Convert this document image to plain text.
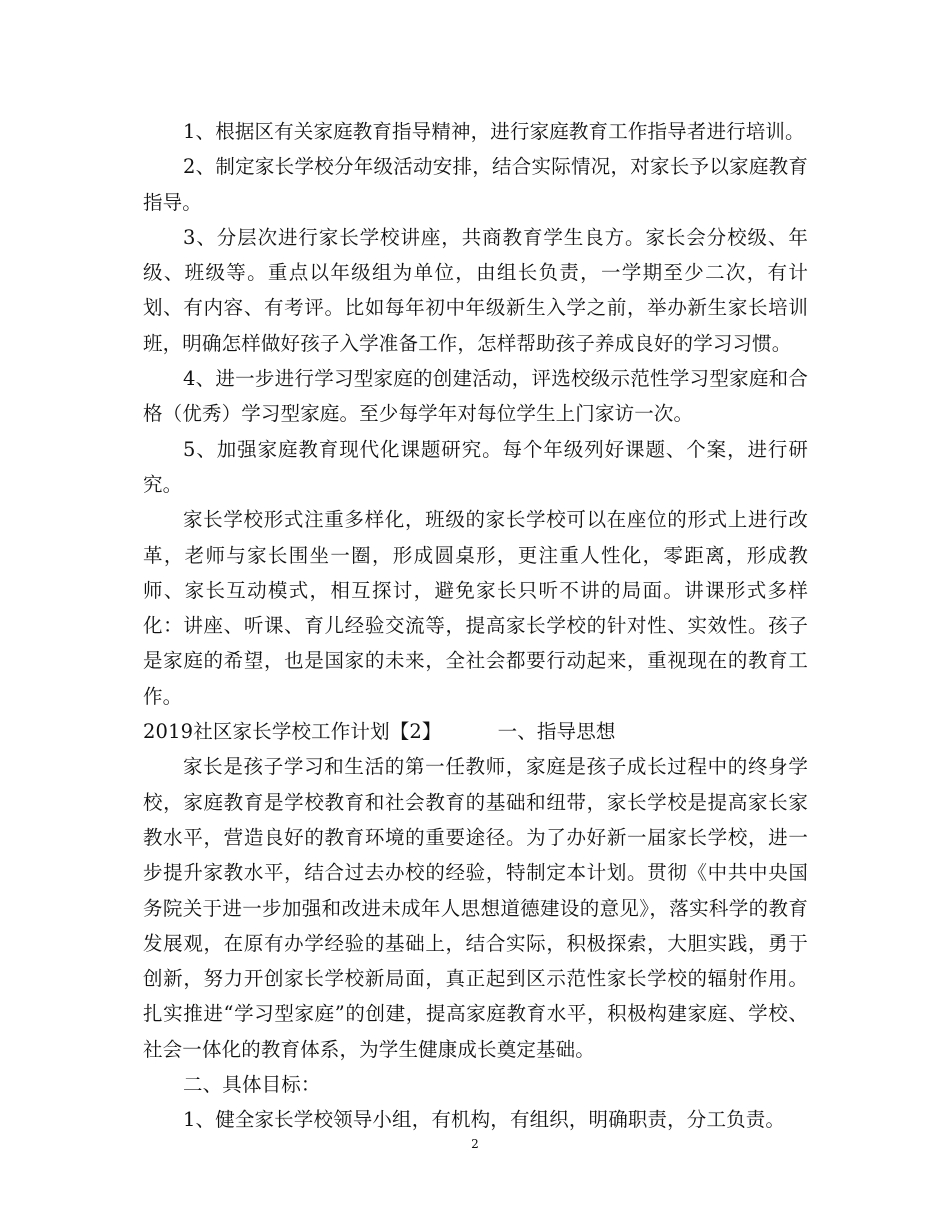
1、根据区有关家庭教育指导精神，进行家庭教育工作指导者进行培训。

2、制定家长学校分年级活动安排，结合实际情况，对家长予以家庭教育指导。

3、分层次进行家长学校讲座，共商教育学生良方。家长会分校级、年级、班级等。重点以年级组为单位，由组长负责，一学期至少二次，有计划、有内容、有考评。比如每年初中年级新生入学之前，举办新生家长培训班，明确怎样做好孩子入学准备工作，怎样帮助孩子养成良好的学习习惯。

4、进一步进行学习型家庭的创建活动，评选校级示范性学习型家庭和合格（优秀）学习型家庭。至少每学年对每位学生上门家访一次。

5、加强家庭教育现代化课题研究。每个年级列好课题、个案，进行研究。

家长学校形式注重多样化，班级的家长学校可以在座位的形式上进行改革，老师与家长围坐一圈，形成圆桌形，更注重人性化，零距离，形成教师、家长互动模式，相互探讨，避免家长只听不讲的局面。讲课形式多样化：讲座、听课、育儿经验交流等，提高家长学校的针对性、实效性。孩子是家庭的希望，也是国家的未来，全社会都要行动起来，重视现在的教育工作。

2019社区家长学校工作计划【2】	一、指导思想

家长是孩子学习和生活的第一任教师，家庭是孩子成长过程中的终身学校，家庭教育是学校教育和社会教育的基础和纽带，家长学校是提高家长家教水平，营造良好的教育环境的重要途径。为了办好新一届家长学校，进一步提升家教水平，结合过去办校的经验，特制定本计划。贯彻《中共中央国务院关于进一步加强和改进未成年人思想道德建设的意见》，落实科学的教育发展观，在原有办学经验的基础上，结合实际，积极探索，大胆实践，勇于创新，努力开创家长学校新局面，真正起到区示范性家长学校的辐射作用。扎实推进“学习型家庭”的创建，提高家庭教育水平，积极构建家庭、学校、社会一体化的教育体系，为学生健康成长奠定基础。

二、具体目标：

1、健全家长学校领导小组，有机构，有组织，明确职责，分工负责。

2
